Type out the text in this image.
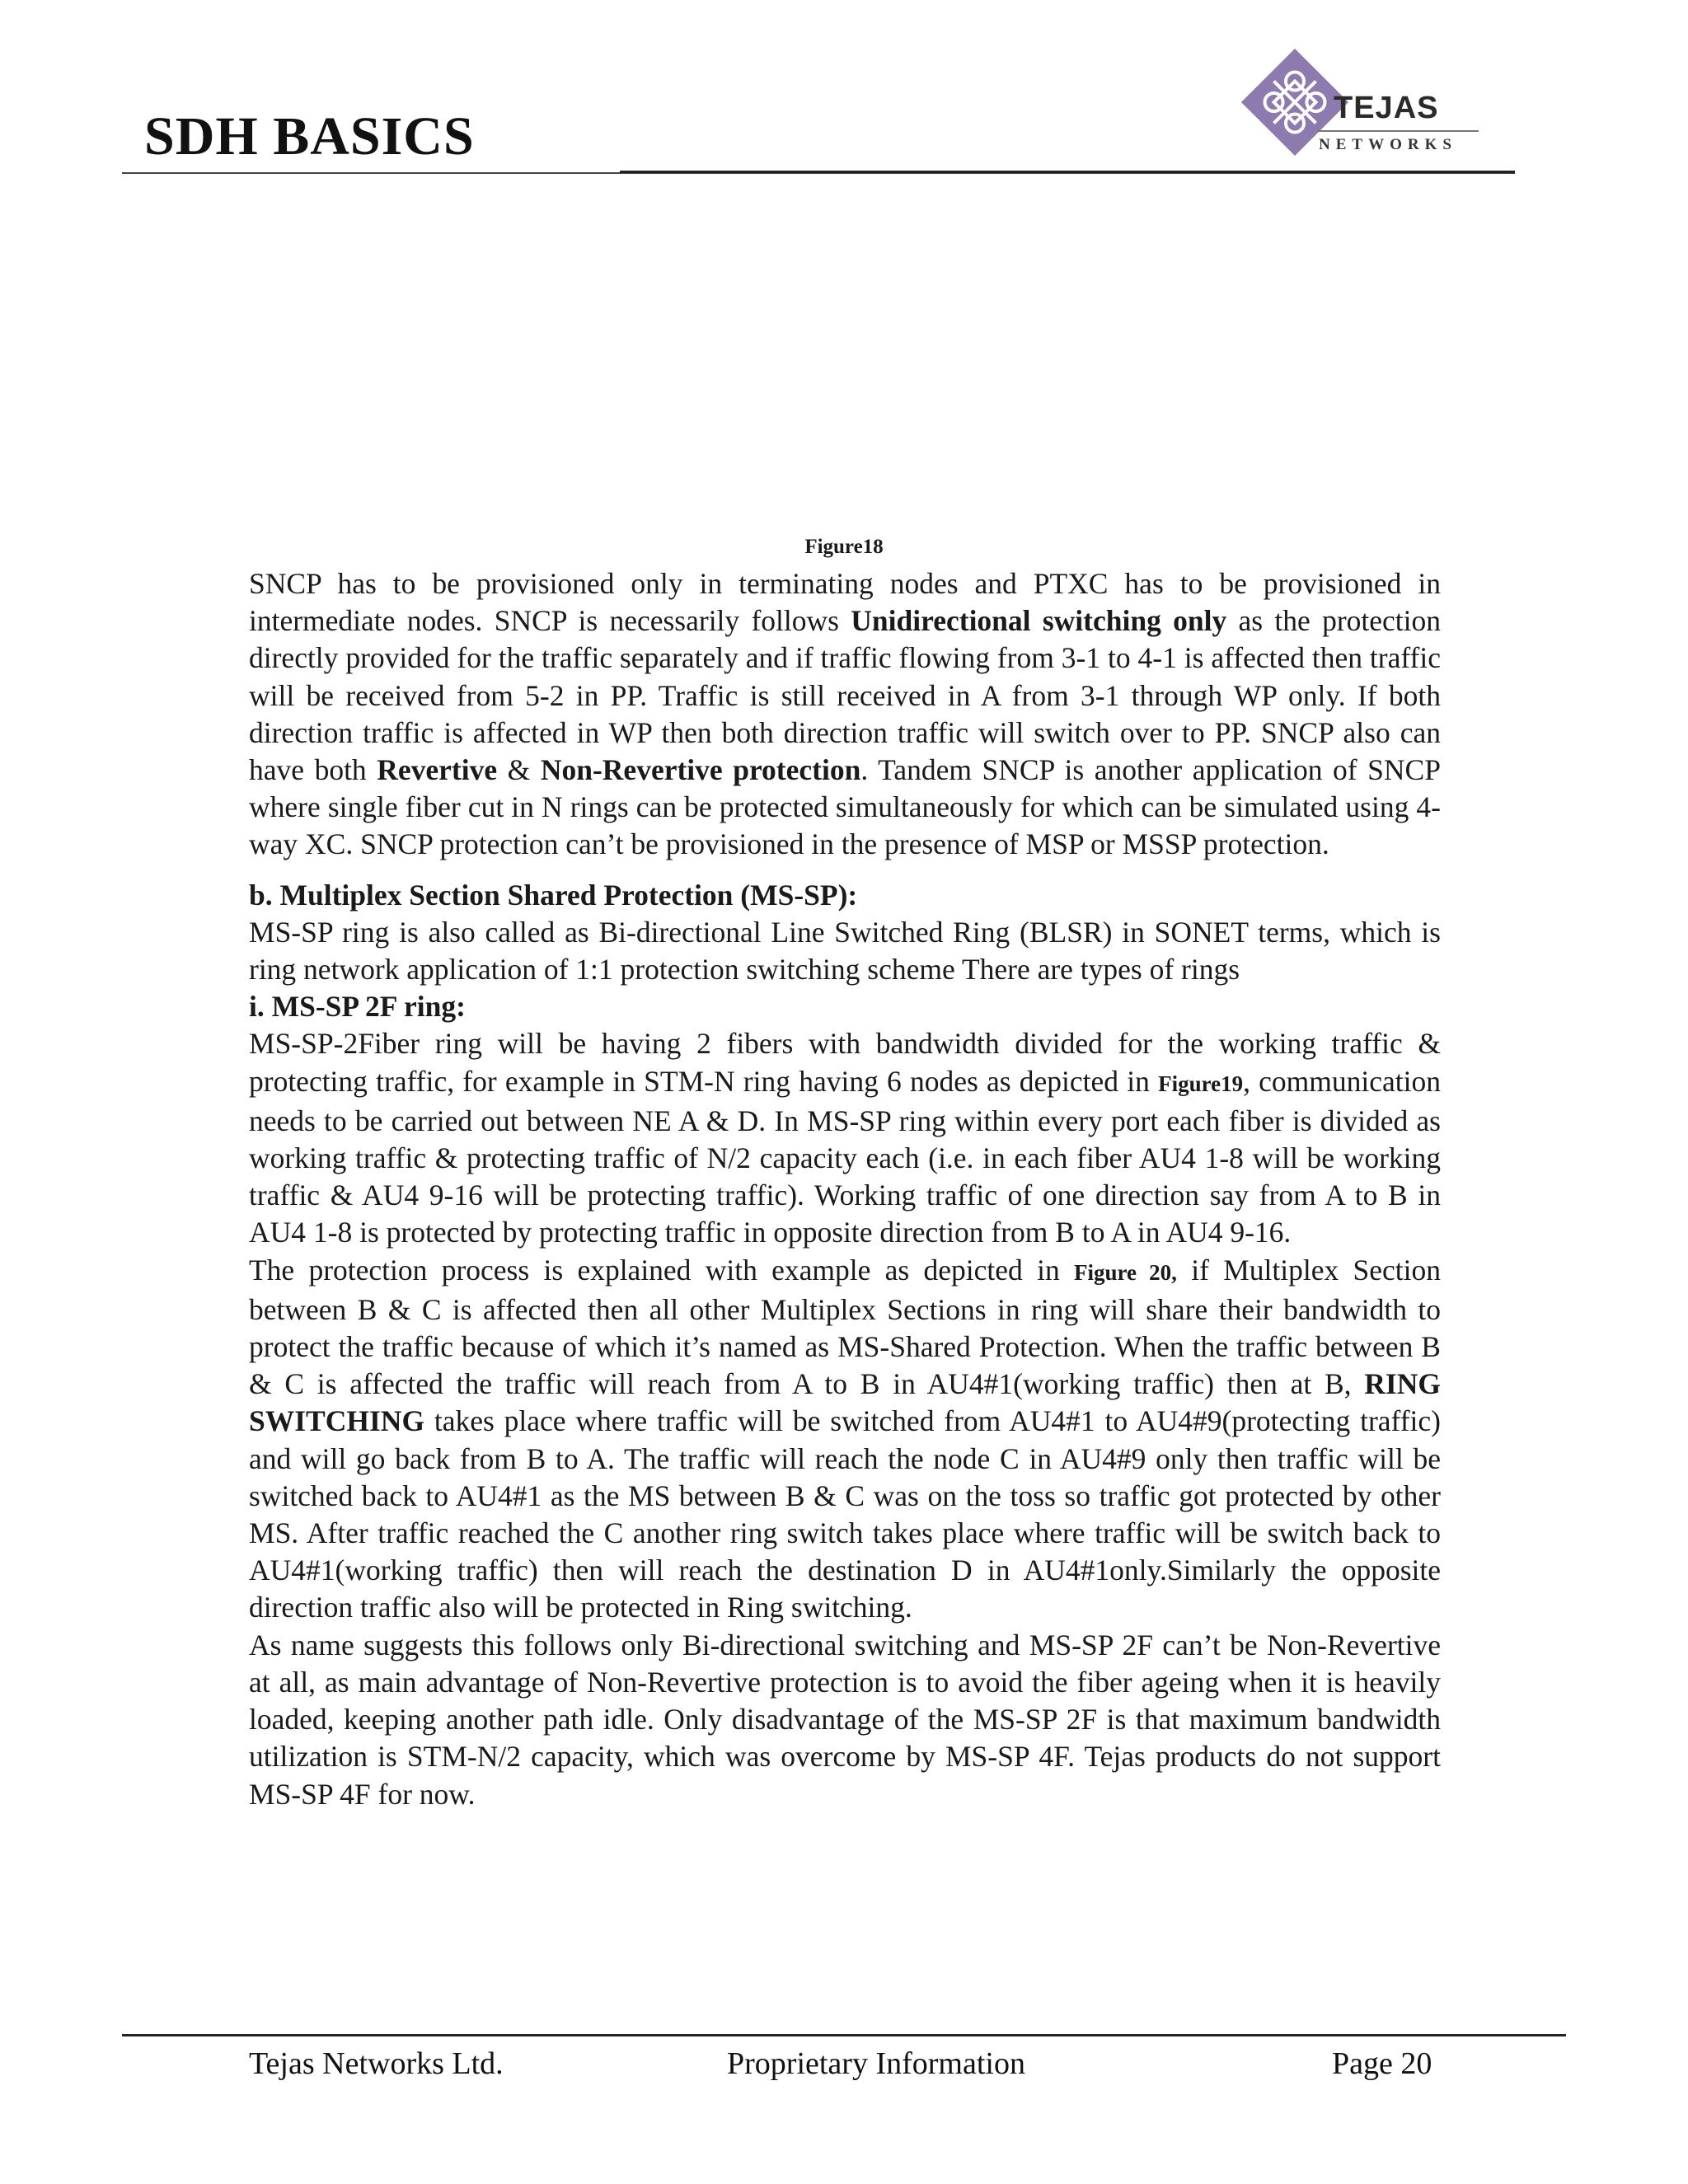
SDH BASICS	TEJAS
NETWORKS

Figure18

SNCP has to be provisioned only in terminating nodes and PTXC has to be provisioned in intermediate nodes. SNCP is necessarily follows Unidirectional switching only as the protection directly provided for the traffic separately and if traffic flowing from 3-1 to 4-1 is affected then traffic will be received from 5-2 in PP. Traffic is still received in A from 3-1 through WP only. If both direction traffic is affected in WP then both direction traffic will switch over to PP. SNCP also can have both Revertive & Non-Revertive protection. Tandem SNCP is another application of SNCP where single fiber cut in N rings can be protected simultaneously for which can be simulated using 4-way XC. SNCP protection can’t be provisioned in the presence of MSP or MSSP protection.

b. Multiplex Section Shared Protection (MS-SP):

MS-SP ring is also called as Bi-directional Line Switched Ring (BLSR) in SONET terms, which is ring network application of 1:1 protection switching scheme There are types of rings

i. MS-SP 2F ring:

MS-SP-2Fiber ring will be having 2 fibers with bandwidth divided for the working traffic & protecting traffic, for example in STM-N ring having 6 nodes as depicted in Figure19, communication needs to be carried out between NE A & D. In MS-SP ring within every port each fiber is divided as working traffic & protecting traffic of N/2 capacity each (i.e. in each fiber AU4 1-8 will be working traffic & AU4 9-16 will be protecting traffic). Working traffic of one direction say from A to B in AU4 1-8 is protected by protecting traffic in opposite direction from B to A in AU4 9-16.

The protection process is explained with example as depicted in Figure 20, if Multiplex Section between B & C is affected then all other Multiplex Sections in ring will share their bandwidth to protect the traffic because of which it’s named as MS-Shared Protection. When the traffic between B & C is affected the traffic will reach from A to B in AU4#1(working traffic) then at B, RING SWITCHING takes place where traffic will be switched from AU4#1 to AU4#9(protecting traffic) and will go back from B to A. The traffic will reach the node C in AU4#9 only then traffic will be switched back to AU4#1 as the MS between B & C was on the toss so traffic got protected by other MS. After traffic reached the C another ring switch takes place where traffic will be switch back to AU4#1(working traffic) then will reach the destination D in AU4#1only.Similarly the opposite direction traffic also will be protected in Ring switching.

As name suggests this follows only Bi-directional switching and MS-SP 2F can’t be Non-Revertive at all, as main advantage of Non-Revertive protection is to avoid the fiber ageing when it is heavily loaded, keeping another path idle. Only disadvantage of the MS-SP 2F is that maximum bandwidth utilization is STM-N/2 capacity, which was overcome by MS-SP 4F. Tejas products do not support MS-SP 4F for now.

Tejas Networks Ltd.	Proprietary Information	Page 20
